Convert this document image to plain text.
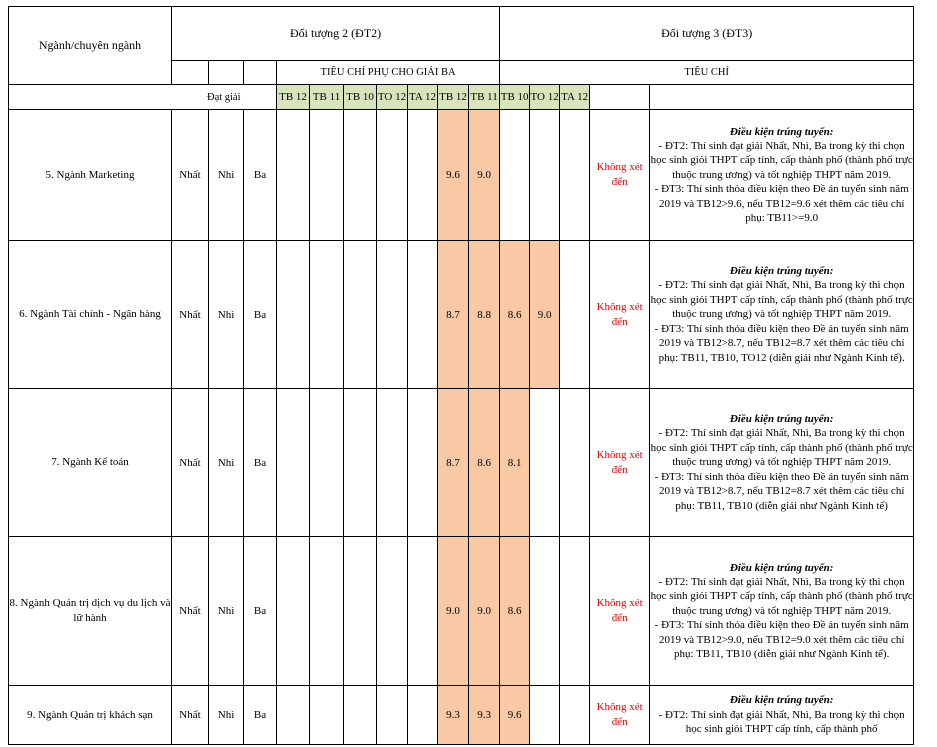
Ngành/chuyên ngành	Đối tượng 2 (ĐT2)										Đối tượng 3 (ĐT3)		
				TIÊU CHÍ PHỤ CHO GIẢI BA							TIÊU CHÍ					
	Đạt giải			TB 12	TB 11	TB 10	TO 12	TA 12	TB 12	TB 11	TB 10	TO 12	TA 12			
5. Ngành Marketing	Nhất	Nhì	Ba						9.6	9.0				Không xét đến	Điều kiện trúng tuyển:
- ĐT2: Thí sinh đạt giải Nhất, Nhì, Ba trong kỳ thi chọn học sinh giỏi THPT cấp tỉnh, cấp thành phố (thành phố trực thuộc trung ương) và tốt nghiệp THPT năm 2019.
- ĐT3: Thí sinh thỏa điều kiện theo Đề án tuyển sinh năm 2019 và TB12>9.6, nếu TB12=9.6 xét thêm các tiêu chí phụ: TB11>=9.0	

6. Ngành Tài chính - Ngân hàng	Nhất	Nhì	Ba						8.7	8.8	8.6	9.0		Không xét đến	Điều kiện trúng tuyển:
- ĐT2: Thí sinh đạt giải Nhất, Nhì, Ba trong kỳ thi chọn học sinh giỏi THPT cấp tỉnh, cấp thành phố (thành phố trực thuộc trung ương) và tốt nghiệp THPT năm 2019.
- ĐT3: Thí sinh thỏa điều kiện theo Đề án tuyển sinh năm 2019 và TB12>8.7, nếu TB12=8.7 xét thêm các tiêu chí phụ: TB11, TB10, TO12 (diễn giải như Ngành Kinh tế).	

7. Ngành Kế toán	Nhất	Nhì	Ba						8.7	8.6	8.1			Không xét đến	Điều kiện trúng tuyển:
- ĐT2: Thí sinh đạt giải Nhất, Nhì, Ba trong kỳ thi chọn học sinh giỏi THPT cấp tỉnh, cấp thành phố (thành phố trực thuộc trung ương) và tốt nghiệp THPT năm 2019.
- ĐT3: Thí sinh thỏa điều kiện theo Đề án tuyển sinh năm 2019 và TB12>8.7, nếu TB12=8.7 xét thêm các tiêu chí phụ: TB11, TB10 (diễn giải như Ngành Kinh tế)	

8. Ngành Quản trị dịch vụ du lịch và lữ hành	Nhất	Nhì	Ba						9.0	9.0	8.6			Không xét đến	Điều kiện trúng tuyển:
- ĐT2: Thí sinh đạt giải Nhất, Nhì, Ba trong kỳ thi chọn học sinh giỏi THPT cấp tỉnh, cấp thành phố (thành phố trực thuộc trung ương) và tốt nghiệp THPT năm 2019.
- ĐT3: Thí sinh thỏa điều kiện theo Đề án tuyển sinh năm 2019 và TB12>9.0, nếu TB12=9.0 xét thêm các tiêu chí phụ: TB11, TB10 (diễn giải như Ngành Kinh tế).	

9. Ngành Quản trị khách sạn	Nhất	Nhì	Ba						9.3	9.3	9.6			Không xét đến	Điều kiện trúng tuyển:
- ĐT2: Thí sinh đạt giải Nhất, Nhì, Ba trong kỳ thi chọn học sinh giỏi THPT cấp tỉnh, cấp thành phố	
